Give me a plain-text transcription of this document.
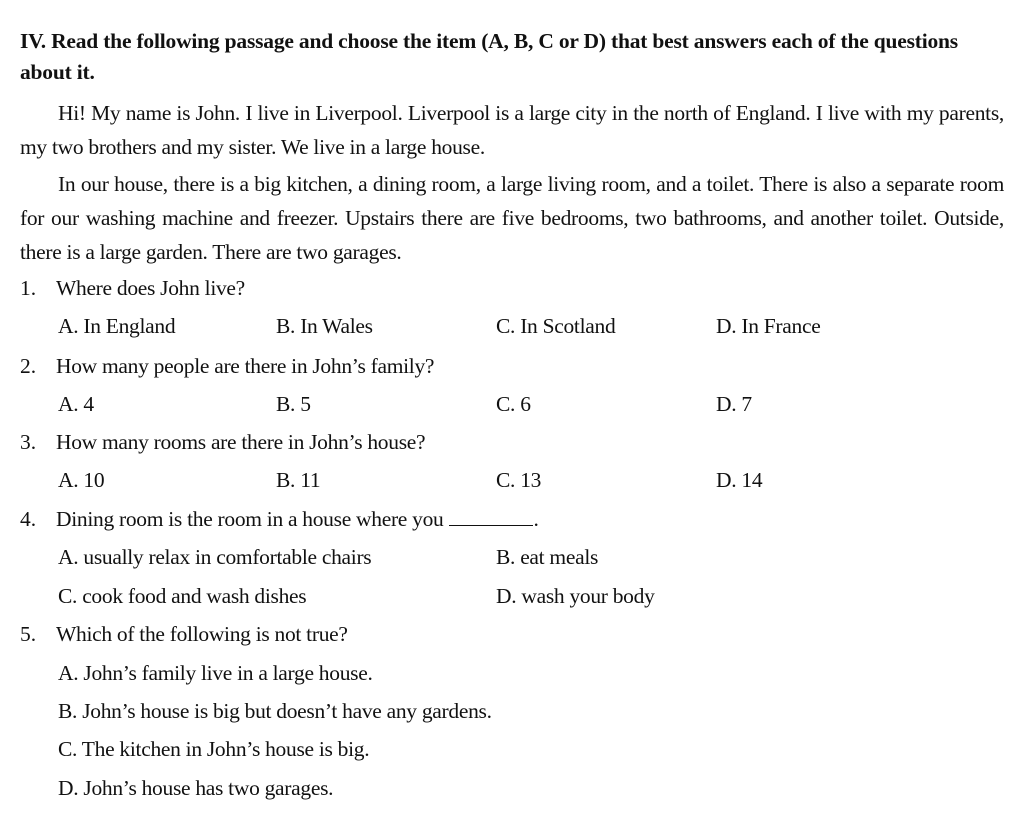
IV. Read the following passage and choose the item (A, B, C or D) that best answers each of the questions about it.
Hi! My name is John. I live in Liverpool. Liverpool is a large city in the north of England. I live with my parents, my two brothers and my sister. We live in a large house.
In our house, there is a big kitchen, a dining room, a large living room, and a toilet. There is also a separate room for our washing machine and freezer. Upstairs there are five bedrooms, two bathrooms, and another toilet. Outside, there is a large garden. There are two garages.
1. Where does John live?
A. In England	B. In Wales	C. In Scotland	D. In France
2. How many people are there in John’s family?
A. 4	B. 5	C. 6	D. 7
3. How many rooms are there in John’s house?
A. 10	B. 11	C. 13	D. 14
4. Dining room is the room in a house where you	.
A. usually relax in comfortable chairs	B. eat meals
C. cook food and wash dishes	D. wash your body
5. Which of the following is not true?
A. John’s family live in a large house.
B. John’s house is big but doesn’t have any gardens.
C. The kitchen in John’s house is big.
D. John’s house has two garages.
